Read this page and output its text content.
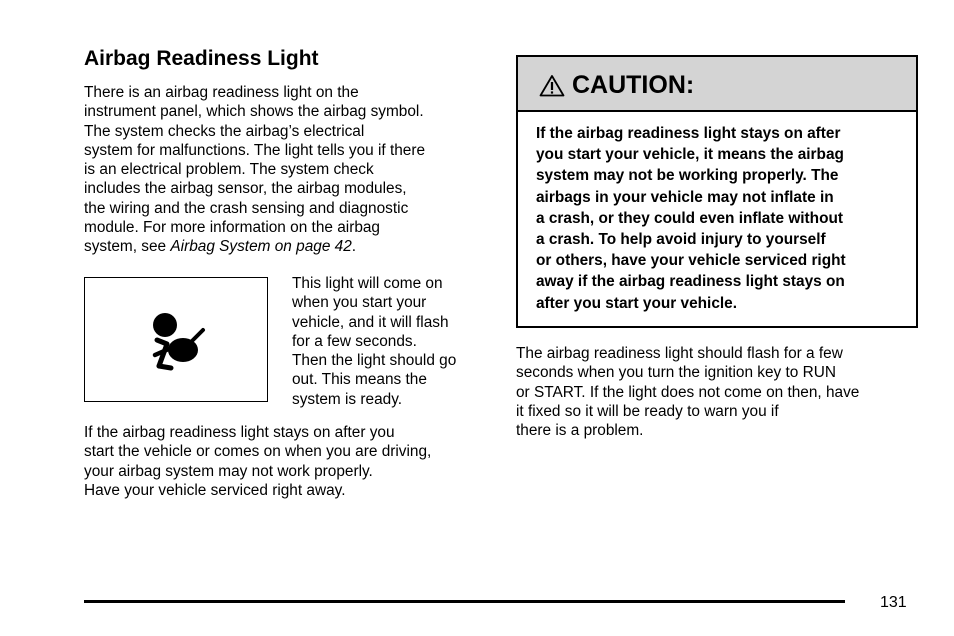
Airbag Readiness Light

There is an airbag readiness light on the
instrument panel, which shows the airbag symbol.
The system checks the airbag’s electrical
system for malfunctions. The light tells you if there
is an electrical problem. The system check
includes the airbag sensor, the airbag modules,
the wiring and the crash sensing and diagnostic
module. For more information on the airbag
system, see Airbag System on page 42.

This light will come on
when you start your
vehicle, and it will flash
for a few seconds.
Then the light should go
out. This means the
system is ready.

If the airbag readiness light stays on after you
start the vehicle or comes on when you are driving,
your airbag system may not work properly.
Have your vehicle serviced right away.

CAUTION:

If the airbag readiness light stays on after
you start your vehicle, it means the airbag
system may not be working properly. The
airbags in your vehicle may not inflate in
a crash, or they could even inflate without
a crash. To help avoid injury to yourself
or others, have your vehicle serviced right
away if the airbag readiness light stays on
after you start your vehicle.

The airbag readiness light should flash for a few
seconds when you turn the ignition key to RUN
or START. If the light does not come on then, have
it fixed so it will be ready to warn you if
there is a problem.

131
